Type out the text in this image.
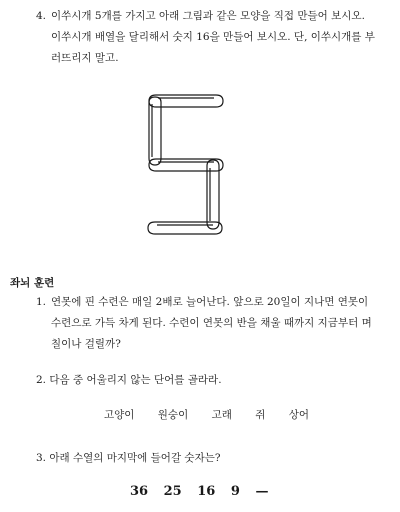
4. 이쑤시개 5개를 가지고 아래 그림과 같은 모양을 직접 만들어 보시오.
이쑤시개 배열을 달리해서 숫지 16을 만들어 보시오. 단, 이쑤시개를 부
러뜨리지 말고.
좌뇌 훈련
1. 연못에 핀 수련은 매일 2배로 늘어난다. 앞으로 20일이 지나면 연못이
수련으로 가득 차게 된다. 수련이 연못의 반을 채울 때까지 지금부터 며
칠이나 걸릴까?
2. 다음 중 어울리지 않는 단어를 골라라.
고양이 원숭이 고래 쥐 상어
3. 아래 수열의 마지막에 들어갈 숫자는?
36 25 16 9 —
